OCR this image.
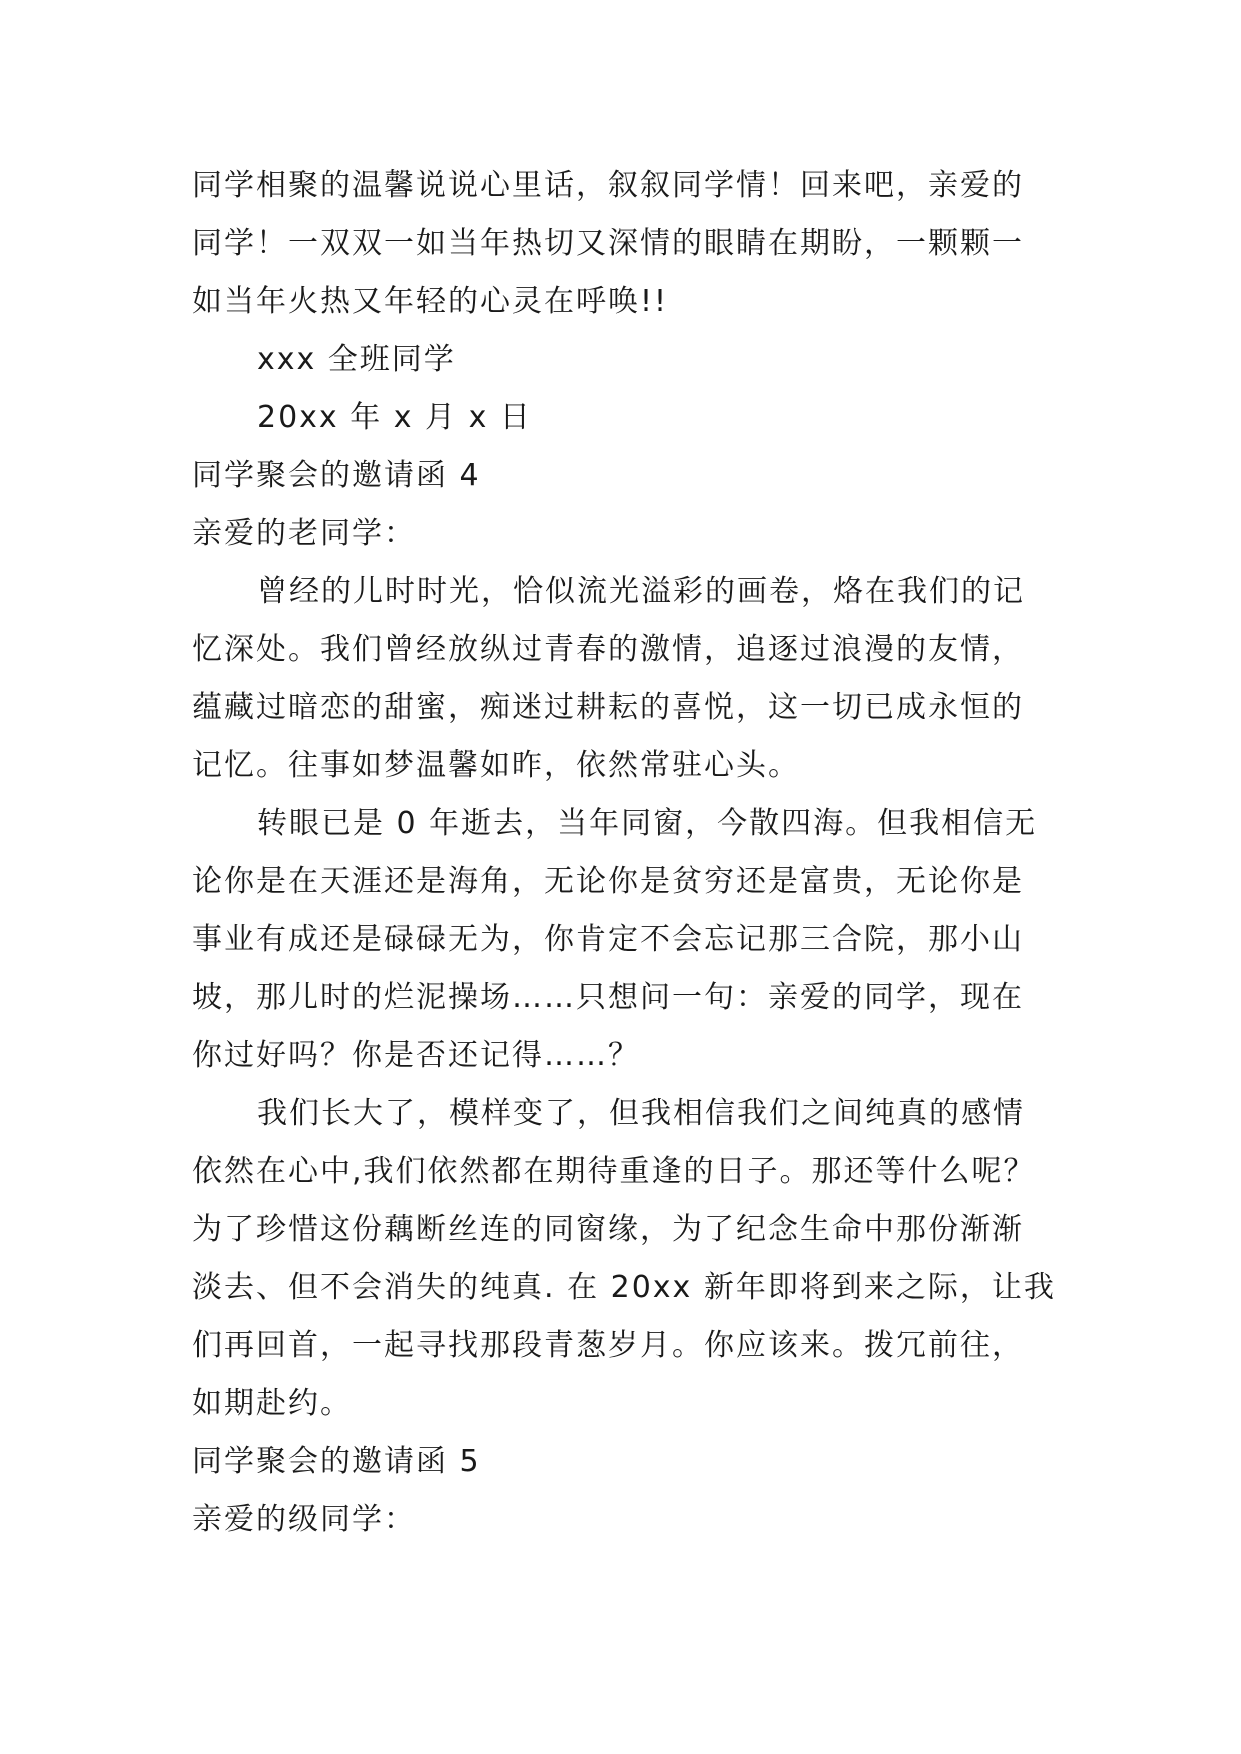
同学相聚的温馨说说心里话，叙叙同学情！回来吧，亲爱的
同学！一双双一如当年热切又深情的眼睛在期盼，一颗颗一
如当年火热又年轻的心灵在呼唤!!
xxx 全班同学
20xx 年 x 月 x 日
同学聚会的邀请函 4
亲爱的老同学：
曾经的儿时时光，恰似流光溢彩的画卷，烙在我们的记
忆深处。我们曾经放纵过青春的激情，追逐过浪漫的友情，
蕴藏过暗恋的甜蜜，痴迷过耕耘的喜悦，这一切已成永恒的
记忆。往事如梦温馨如昨，依然常驻心头。
转眼已是 0 年逝去，当年同窗，今散四海。但我相信无
论你是在天涯还是海角，无论你是贫穷还是富贵，无论你是
事业有成还是碌碌无为，你肯定不会忘记那三合院，那小山
坡，那儿时的烂泥操场……只想问一句：亲爱的同学，现在
你过好吗？你是否还记得……？
我们长大了，模样变了，但我相信我们之间纯真的感情
依然在心中,我们依然都在期待重逢的日子。那还等什么呢？
为了珍惜这份藕断丝连的同窗缘，为了纪念生命中那份渐渐
淡去、但不会消失的纯真. 在 20xx 新年即将到来之际，让我
们再回首，一起寻找那段青葱岁月。你应该来。拨冗前往，
如期赴约。
同学聚会的邀请函 5
亲爱的级同学：
